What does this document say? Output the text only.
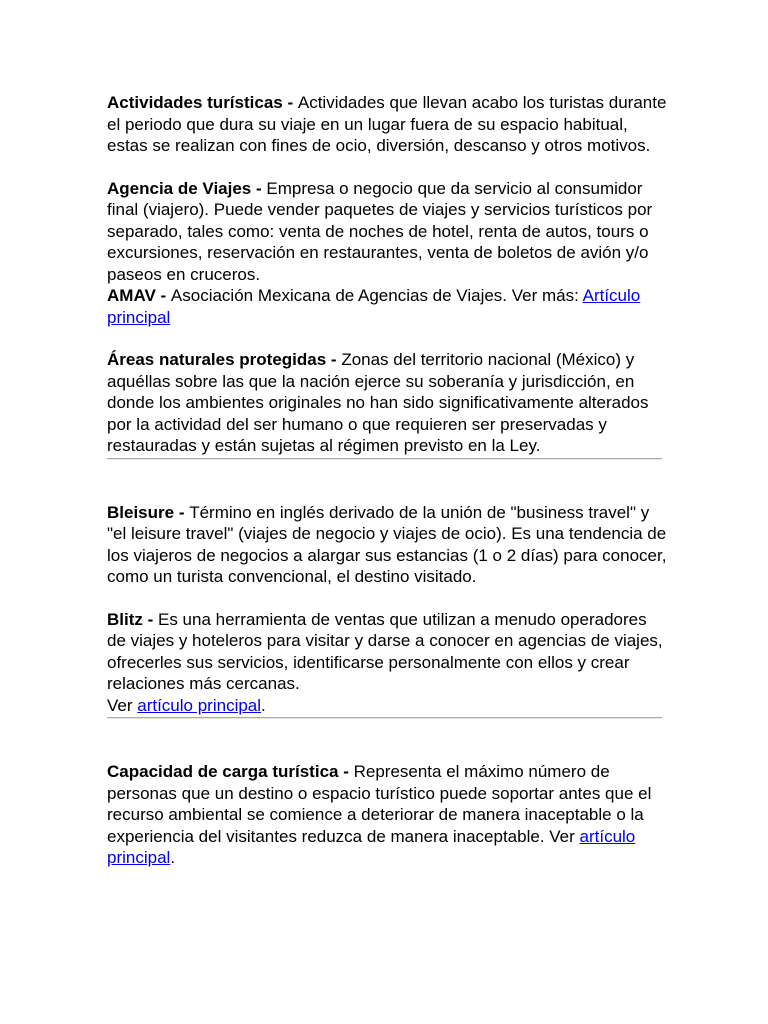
Actividades turísticas - Actividades que llevan acabo los turistas durante el periodo que dura su viaje en un lugar fuera de su espacio habitual, estas se realizan con fines de ocio, diversión, descanso y otros motivos.

Agencia de Viajes - Empresa o negocio que da servicio al consumidor final (viajero). Puede vender paquetes de viajes y servicios turísticos por separado, tales como: venta de noches de hotel, renta de autos, tours o excursiones, reservación en restaurantes, venta de boletos de avión y/o paseos en cruceros.

AMAV - Asociación Mexicana de Agencias de Viajes. Ver más: Artículo principal

Áreas naturales protegidas - Zonas del territorio nacional (México) y aquéllas sobre las que la nación ejerce su soberanía y jurisdicción, en donde los ambientes originales no han sido significativamente alterados por la actividad del ser humano o que requieren ser preservadas y restauradas y están sujetas al régimen previsto en la Ley.

Bleisure - Término en inglés derivado de la unión de "business travel" y "el leisure travel" (viajes de negocio y viajes de ocio). Es una tendencia de los viajeros de negocios a alargar sus estancias (1 o 2 días) para conocer, como un turista convencional, el destino visitado.

Blitz - Es una herramienta de ventas que utilizan a menudo operadores de viajes y hoteleros para visitar y darse a conocer en agencias de viajes, ofrecerles sus servicios, identificarse personalmente con ellos y crear relaciones más cercanas.
Ver artículo principal.

Capacidad de carga turística - Representa el máximo número de personas que un destino o espacio turístico puede soportar antes que el recurso ambiental se comience a deteriorar de manera inaceptable o la experiencia del visitantes reduzca de manera inaceptable. Ver artículo principal.
